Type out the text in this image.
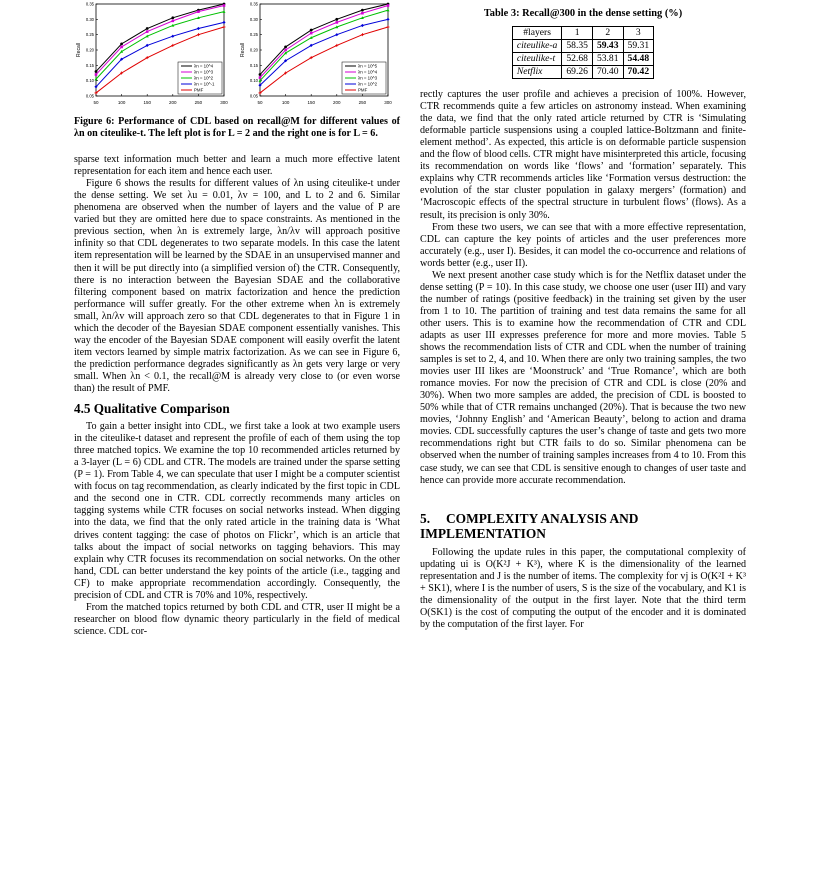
50	100	150	200	250	300
0.05
0.10
0.15
0.20
0.25
0.30
0.35
Recall
λn = 10^4
λn = 10^3
λn = 10^2
λn = 10^-1
PMF
50	100	150	200	250	300
0.05
0.10
0.15
0.20
0.25
0.30
0.35
Recall
λn = 10^5
λn = 10^4
λn = 10^3
λn = 10^2
PMF

Figure 6: Performance of CDL based on recall@M for different values of λn on citeulike-t. The left plot is for L = 2 and the right one is for L = 6.

sparse text information much better and learn a much more effective latent representation for each item and hence each user.

Figure 6 shows the results for different values of λn using citeulike-t under the dense setting. We set λu = 0.01, λv = 100, and L to 2 and 6. Similar phenomena are observed when the number of layers and the value of P are varied but they are omitted here due to space constraints. As mentioned in the previous section, when λn is extremely large, λn/λv will approach positive infinity so that CDL degenerates to two separate models. In this case the latent item representation will be learned by the SDAE in an unsupervised manner and then it will be put directly into (a simplified version of) the CTR. Consequently, there is no interaction between the Bayesian SDAE and the collaborative filtering component based on matrix factorization and hence the prediction performance will suffer greatly. For the other extreme when λn is extremely small, λn/λv will approach zero so that CDL degenerates to that in Figure 1 in which the decoder of the Bayesian SDAE component essentially vanishes. This way the encoder of the Bayesian SDAE component will easily overfit the latent item vectors learned by simple matrix factorization. As we can see in Figure 6, the prediction performance degrades significantly as λn gets very large or very small. When λn < 0.1, the recall@M is already very close to (or even worse than) the result of PMF.

4.5 Qualitative Comparison

To gain a better insight into CDL, we first take a look at two example users in the citeulike-t dataset and represent the profile of each of them using the top three matched topics. We examine the top 10 recommended articles returned by a 3-layer (L = 6) CDL and CTR. The models are trained under the sparse setting (P = 1). From Table 4, we can speculate that user I might be a computer scientist with focus on tag recommendation, as clearly indicated by the first topic in CDL and the second one in CTR. CDL correctly recommends many articles on tagging systems while CTR focuses on social networks instead. When digging into the data, we find that the only rated article in the training data is ‘What drives content tagging: the case of photos on Flickr’, which is an article that talks about the impact of social networks on tagging behaviors. This may explain why CTR focuses its recommendation on social networks. On the other hand, CDL can better understand the key points of the article (i.e., tagging and CF) to make appropriate recommendation accordingly. Consequently, the precision of CDL and CTR is 70% and 10%, respectively.

From the matched topics returned by both CDL and CTR, user II might be a researcher on blood flow dynamic theory particularly in the field of medical science. CDL cor-

Table 3: Recall@300 in the dense setting (%)
#layers	1	2	3
citeulike-a	58.35	59.43	59.31
citeulike-t	52.68	53.81	54.48
Netflix	69.26	70.40	70.42

rectly captures the user profile and achieves a precision of 100%. However, CTR recommends quite a few articles on astronomy instead. When examining the data, we find that the only rated article returned by CTR is ‘Simulating deformable particle suspensions using a coupled lattice-Boltzmann and finite-element method’. As expected, this article is on deformable particle suspension and the flow of blood cells. CTR might have misinterpreted this article, focusing its recommendation on words like ‘flows’ and ‘formation’ separately. This explains why CTR recommends articles like ‘Formation versus destruction: the evolution of the star cluster population in galaxy mergers’ (formation) and ‘Macroscopic effects of the spectral structure in turbulent flows’ (flows). As a result, its precision is only 30%.

From these two users, we can see that with a more effective representation, CDL can capture the key points of articles and the user preferences more accurately (e.g., user I). Besides, it can model the co-occurrence and relations of words better (e.g., user II).

We next present another case study which is for the Netflix dataset under the dense setting (P = 10). In this case study, we choose one user (user III) and vary the number of ratings (positive feedback) in the training set given by the user from 1 to 10. The partition of training and test data remains the same for all other users. This is to examine how the recommendation of CTR and CDL adapts as user III expresses preference for more and more movies. Table 5 shows the recommendation lists of CTR and CDL when the number of training samples is set to 2, 4, and 10. When there are only two training samples, the two movies user III likes are ‘Moonstruck’ and ‘True Romance’, which are both romance movies. For now the precision of CTR and CDL is close (20% and 30%). When two more samples are added, the precision of CDL is boosted to 50% while that of CTR remains unchanged (20%). That is because the two new movies, ‘Johnny English’ and ‘American Beauty’, belong to action and drama movies. CDL successfully captures the user’s change of taste and gets two more recommendations right but CTR fails to do so. Similar phenomena can be observed when the number of training samples increases from 4 to 10. From this case study, we can see that CDL is sensitive enough to changes of user taste and hence can provide more accurate recommendation.

5. COMPLEXITY ANALYSIS AND IMPLEMENTATION

Following the update rules in this paper, the computational complexity of updating ui is O(K²J + K³), where K is the dimensionality of the learned representation and J is the number of items. The complexity for vj is O(K²I + K³ + SK1), where I is the number of users, S is the size of the vocabulary, and K1 is the dimensionality of the output in the first layer. Note that the third term O(SK1) is the cost of computing the output of the encoder and it is dominated by the computation of the first layer. For
